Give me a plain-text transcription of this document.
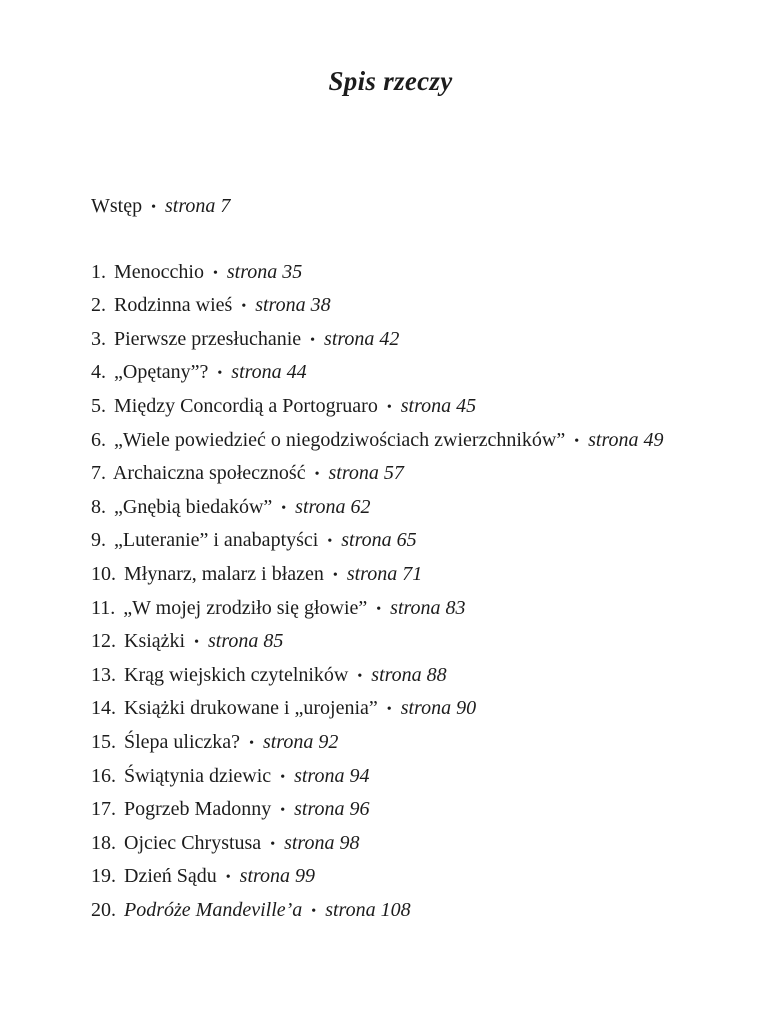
Spis rzeczy
Wstęp • strona 7
1. Menocchio • strona 35
2. Rodzinna wieś • strona 38
3. Pierwsze przesłuchanie • strona 42
4. „Opętany”? • strona 44
5. Między Concordią a Portogruaro • strona 45
6. „Wiele powiedzieć o niegodziwościach zwierzchników” • strona 49
7. Archaiczna społeczność • strona 57
8. „Gnębią biedaków” • strona 62
9. „Luteranie” i anabaptyści • strona 65
10. Młynarz, malarz i błazen • strona 71
11. „W mojej zrodziło się głowie” • strona 83
12. Książki • strona 85
13. Krąg wiejskich czytelników • strona 88
14. Książki drukowane i „urojenia” • strona 90
15. Ślepa uliczka? • strona 92
16. Świątynia dziewic • strona 94
17. Pogrzeb Madonny • strona 96
18. Ojciec Chrystusa • strona 98
19. Dzień Sądu • strona 99
20. Podróże Mandeville’a • strona 108
